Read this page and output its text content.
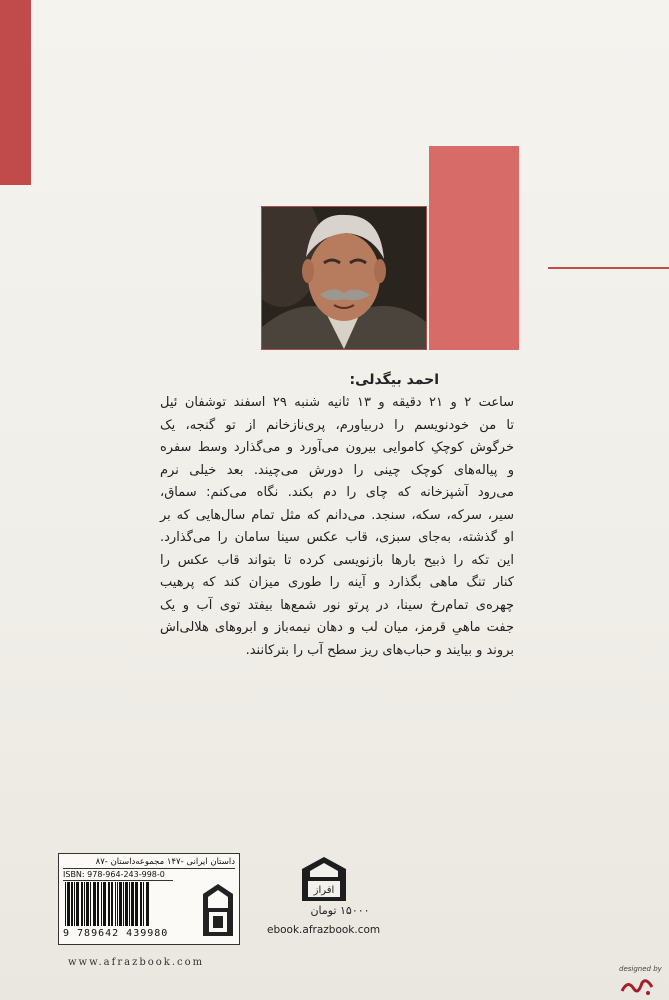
احمد بیگدلی:
ساعت ۲ و ۲۱ دقیقه و ۱۳ ثانیه شنبه ۲۹ اسفند توشفان ئیل
تا من خودنویسم را دربیاورم، پری‌نازخانم از تو گنجه، یک
خرگوش کوچکِ کاموایی بیرون می‌آورد و می‌گذارد وسط سفره
و پیاله‌های کوچک چینی را دورش می‌چیند. بعد خیلی نرم
می‌رود آشپزخانه که چای را دم بکند. نگاه می‌کنم: سماق،
سیر، سرکه، سکه، سنجد. می‌دانم که مثل تمام سال‌هایی که بر
او گذشته، به‌جای سبزی، قاب عکس سینا سامان را می‌گذارد.
این تکه را ذبیح بارها بازنویسی کرده تا بتواند قاب عکس را
کنار تنگ ماهی بگذارد و آینه را طوری میزان کند که پرهیب
چهره‌ی تمام‌رخ سینا، در پرتو نور شمع‌ها بیفتد توی آب و یک
جفت ماهیِ قرمز، میان لب و دهان نیمه‌باز و ابروهای هلالی‌اش
بروند و بیایند و حباب‌های ریز سطح آب را بترکانند.
داستان ایرانی -۱۴۷ مجموعه‌داستان -۸۷
ISBN: 978-964-243-998-0
9 789642 439980
www.afrazbook.com
افراز
۱۵۰۰۰ تومان
ebook.afrazbook.com
designed by
